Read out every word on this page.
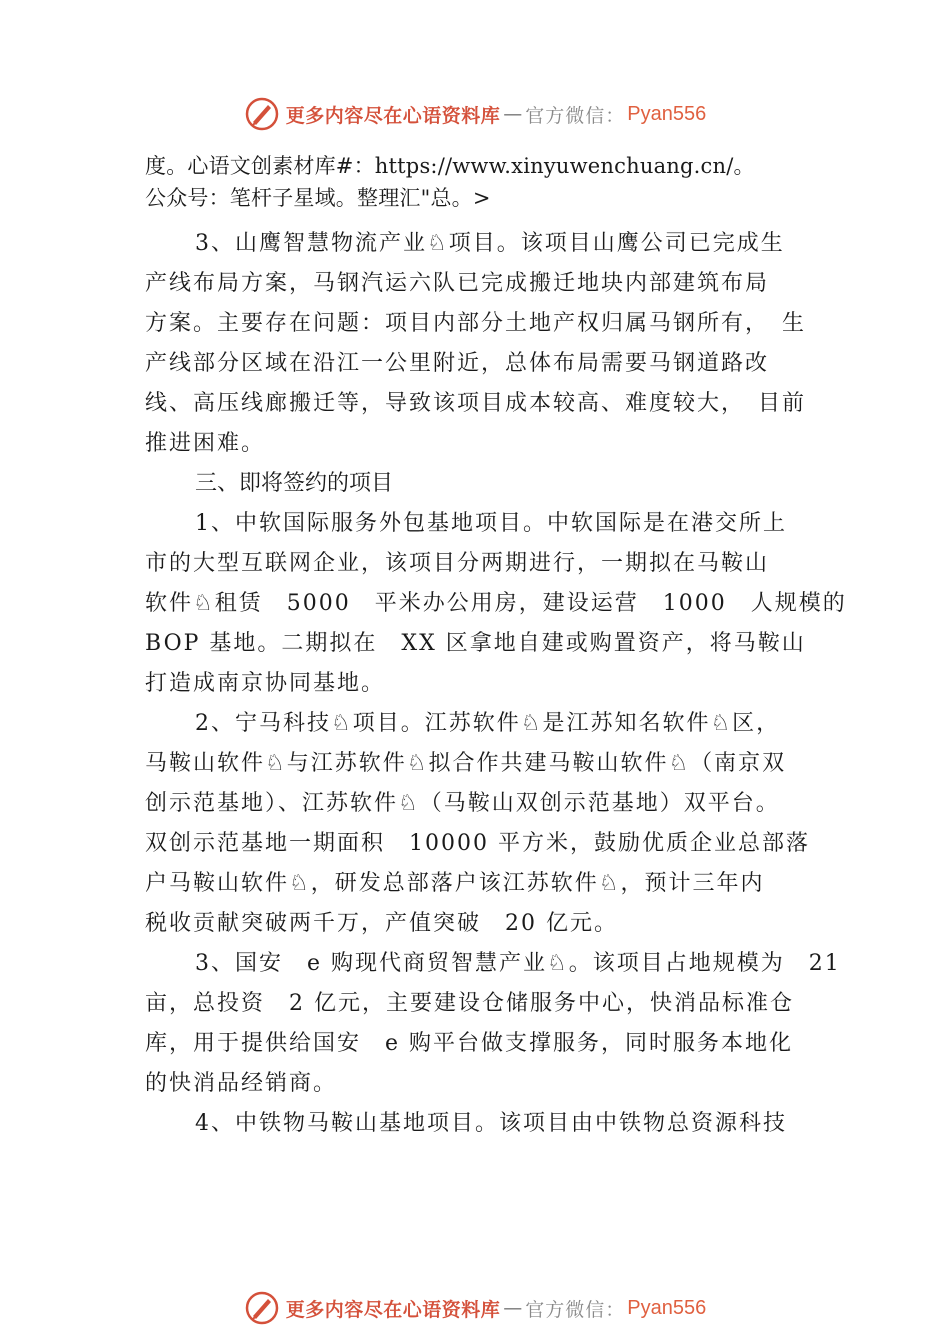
更多内容尽在心语资料库 — 官方微信： Pyan556
度。心语文创素材库#：https://www.xinyuwenchuang.cn/。
公众号：笔杆子星域。整理汇"总。>
3、山鹰智慧物流产业♘项目。该项目山鹰公司已完成生
产线布局方案，马钢汽运六队已完成搬迁地块内部建筑布局
方案。主要存在问题：项目内部分土地产权归属马钢所有，　生
产线部分区域在沿江一公里附近，总体布局需要马钢道路改
线、高压线廊搬迁等，导致该项目成本较高、难度较大，　目前
推进困难。
三、即将签约的项目
1、中软国际服务外包基地项目。中软国际是在港交所上
市的大型互联网企业，该项目分两期进行，一期拟在马鞍山
软件♘租赁　5000　平米办公用房，建设运营　1000　人规模的
BOP 基地。二期拟在　XX 区拿地自建或购置资产，将马鞍山
打造成南京协同基地。
2、宁马科技♘项目。江苏软件♘是江苏知名软件♘区，
马鞍山软件♘与江苏软件♘拟合作共建马鞍山软件♘（南京双
创示范基地）、江苏软件♘（马鞍山双创示范基地）双平台。
双创示范基地一期面积　10000 平方米，鼓励优质企业总部落
户马鞍山软件♘，研发总部落户该江苏软件♘，预计三年内
税收贡献突破两千万，产值突破　20 亿元。
3、国安　e 购现代商贸智慧产业♘。该项目占地规模为　21
亩，总投资　2 亿元，主要建设仓储服务中心，快消品标准仓
库，用于提供给国安　e 购平台做支撑服务，同时服务本地化
的快消品经销商。
4、中铁物马鞍山基地项目。该项目由中铁物总资源科技
更多内容尽在心语资料库 — 官方微信： Pyan556
